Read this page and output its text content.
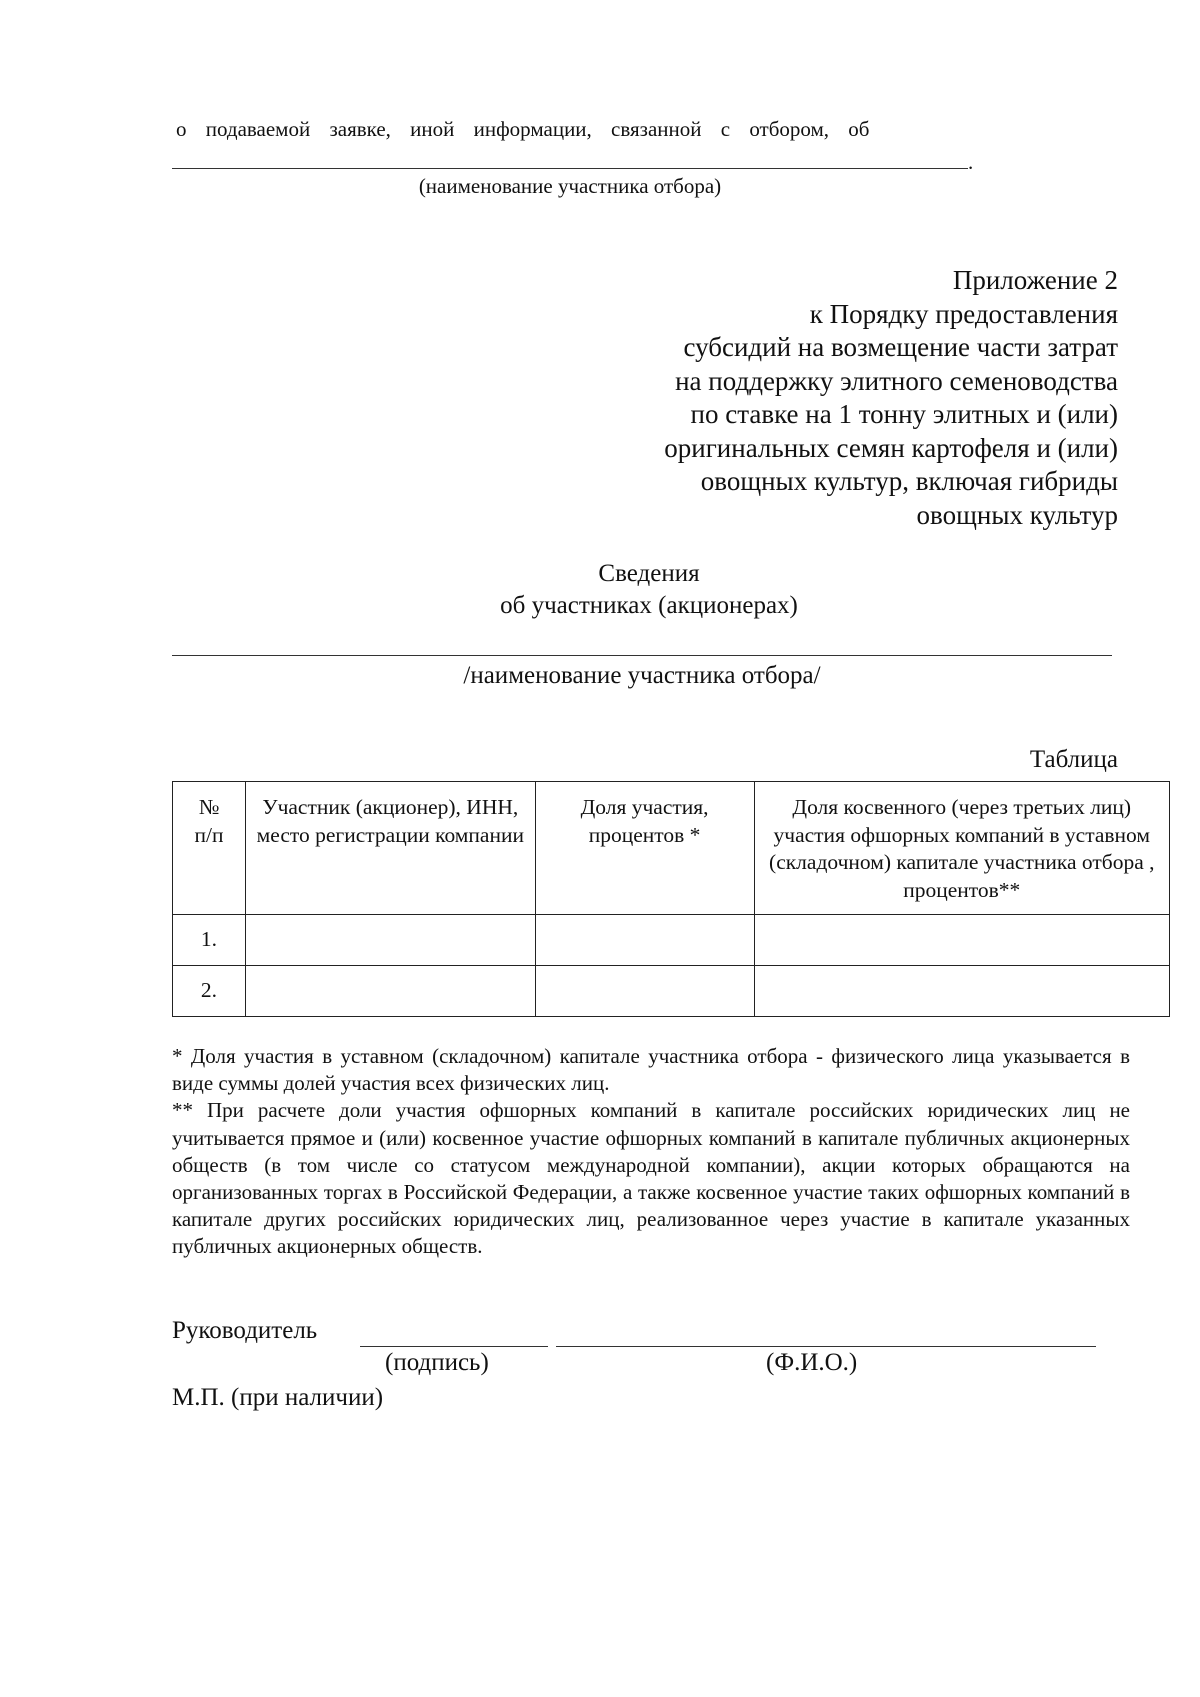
о подаваемой заявке, иной информации, связанной с отбором, об
.
(наименование участника отбора)
Приложение 2
к Порядку предоставления
субсидий на возмещение части затрат
на поддержку элитного семеноводства
по ставке на 1 тонну элитных и (или)
оригинальных семян картофеля и (или)
овощных культур, включая гибриды
овощных культур
Сведения
об участниках (акционерах)
/наименование участника отбора/
Таблица
№ п/п	Участник (акционер), ИНН, место регистрации компании	Доля участия, процентов *	Доля косвенного (через третьих лиц) участия офшорных компаний в уставном (складочном) капитале участника отбора , процентов**
1.			
2.			

* Доля участия в уставном (складочном) капитале участника отбора - физического лица указывается в виде суммы долей участия всех физических лиц.

** При расчете доли участия офшорных компаний в капитале российских юридических лиц не учитывается прямое и (или) косвенное участие офшорных компаний в капитале публичных акционерных обществ (в том числе со статусом международной компании), акции которых обращаются на организованных торгах в Российской Федерации, а также косвенное участие таких офшорных компаний в капитале других российских юридических лиц, реализованное через участие в капитале указанных публичных акционерных обществ.

Руководитель
(подпись)	(Ф.И.О.)
М.П. (при наличии)
